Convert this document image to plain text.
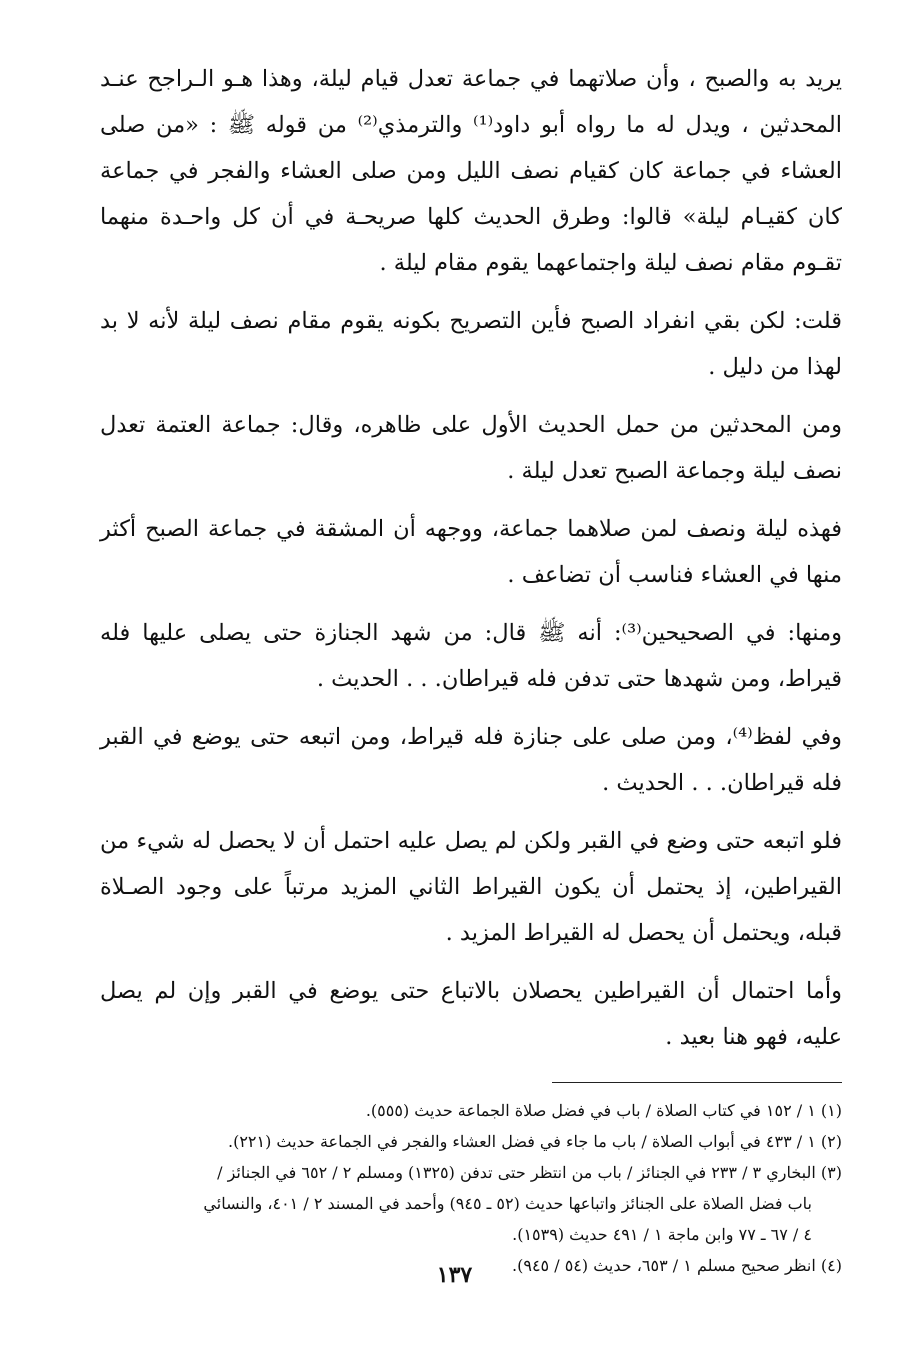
يريد به والصبح ، وأن صلاتهما في جماعة تعدل قيام ليلة، وهذا هـو الـراجح عنـد المحدثين ، ويدل له ما رواه أبو داود⁽¹⁾ والترمذي⁽²⁾ من قوله ﷺ : «من صلى العشاء في جماعة كان كقيام نصف الليل ومن صلى العشاء والفجر في جماعة كان كقيـام ليلة» قالوا: وطرق الحديث كلها صريحـة في أن كل واحـدة منهما تقـوم مقام نصف ليلة واجتماعهما يقوم مقام ليلة .

قلت: لكن بقي انفراد الصبح فأين التصريح بكونه يقوم مقام نصف ليلة لأنه لا بد لهذا من دليل .

ومن المحدثين من حمل الحديث الأول على ظاهره، وقال: جماعة العتمة تعدل نصف ليلة وجماعة الصبح تعدل ليلة .

فهذه ليلة ونصف لمن صلاهما جماعة، ووجهه أن المشقة في جماعة الصبح أكثر منها في العشاء فناسب أن تضاعف .

ومنها: في الصحيحين⁽³⁾: أنه ﷺ قال: من شهد الجنازة حتى يصلى عليها فله قيراط، ومن شهدها حتى تدفن فله قيراطان. . . الحديث .

وفي لفظ⁽⁴⁾، ومن صلى على جنازة فله قيراط، ومن اتبعه حتى يوضع في القبر فله قيراطان. . . الحديث .

فلو اتبعه حتى وضع في القبر ولكن لم يصل عليه احتمل أن لا يحصل له شيء من القيراطين، إذ يحتمل أن يكون القيراط الثاني المزيد مرتباً على وجود الصـلاة قبله، ويحتمل أن يحصل له القيراط المزيد .

وأما احتمال أن القيراطين يحصلان بالاتباع حتى يوضع في القبر وإن لم يصل عليه، فهو هنا بعيد .

(١) ١ / ١٥٢ في كتاب الصلاة / باب في فضل صلاة الجماعة حديث (٥٥٥).

(٢) ١ / ٤٣٣ في أبواب الصلاة / باب ما جاء في فضل العشاء والفجر في الجماعة حديث (٢٢١).

(٣) البخاري ٣ / ٢٣٣ في الجنائز / باب من انتظر حتى تدفن (١٣٢٥) ومسلم ٢ / ٦٥٢ في الجنائز /

باب فضل الصلاة على الجنائز واتباعها حديث (٥٢ ـ ٩٤٥) وأحمد في المسند ٢ / ٤٠١، والنسائي

٤ / ٦٧ ـ ٧٧ وابن ماجة ١ / ٤٩١ حديث (١٥٣٩).

(٤) انظر صحيح مسلم ١ / ٦٥٣، حديث (٥٤ / ٩٤٥).

١٣٧
